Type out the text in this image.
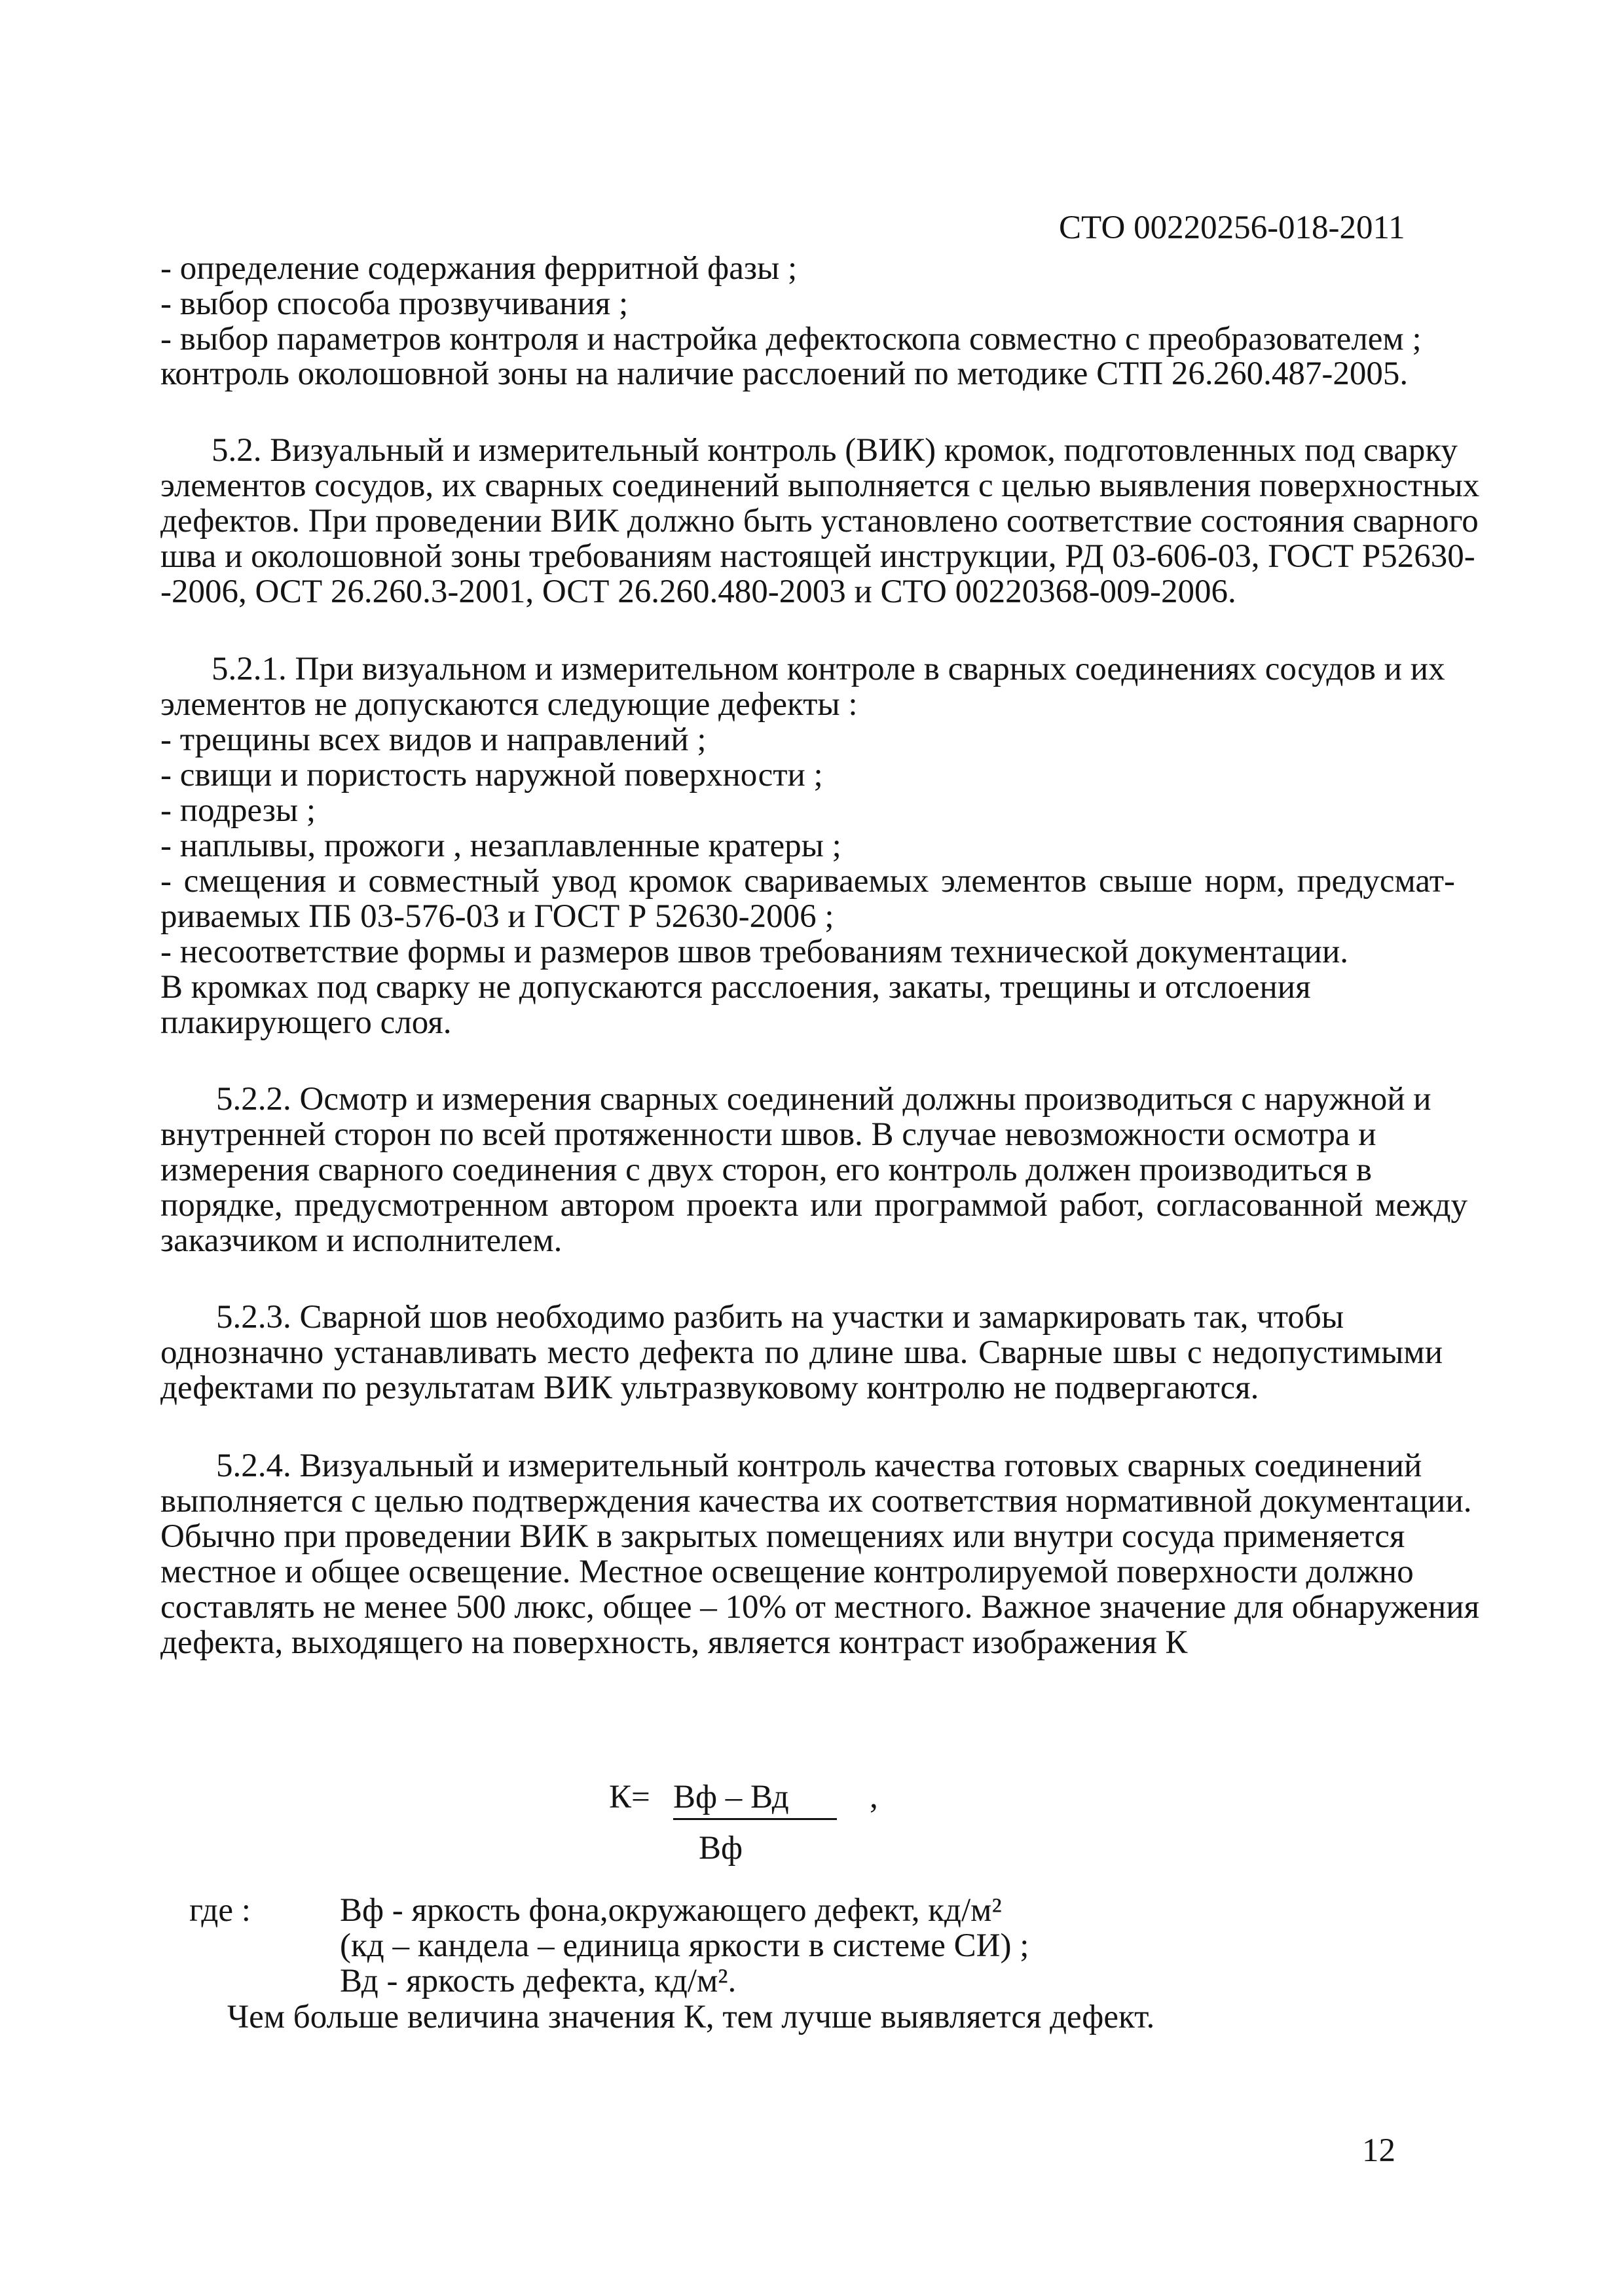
СТО 00220256-018-2011
- определение содержания ферритной фазы ;
- выбор способа прозвучивания ;
- выбор параметров контроля и настройка дефектоскопа совместно с преобразователем ;
контроль околошовной зоны на наличие расслоений по методике СТП 26.260.487-2005.
5.2. Визуальный и измерительный контроль (ВИК) кромок, подготовленных под сварку
элементов сосудов, их сварных соединений выполняется с целью выявления поверхностных
дефектов. При проведении ВИК должно быть установлено соответствие состояния сварного
шва и околошовной зоны требованиям настоящей инструкции, РД 03-606-03, ГОСТ Р52630-
-2006, ОСТ 26.260.3-2001, ОСТ 26.260.480-2003 и СТО 00220368-009-2006.
5.2.1. При визуальном и измерительном контроле в сварных соединениях сосудов и их
элементов не допускаются следующие дефекты :
- трещины всех видов и направлений ;
- свищи и пористость наружной поверхности ;
- подрезы ;
- наплывы, прожоги , незаплавленные кратеры ;
- смещения и совместный увод кромок свариваемых элементов свыше норм, предусмат-
риваемых ПБ 03-576-03 и ГОСТ Р 52630-2006 ;
- несоответствие формы и размеров швов требованиям технической документации.
В кромках под сварку не допускаются расслоения, закаты, трещины и отслоения
плакирующего слоя.
5.2.2. Осмотр и измерения сварных соединений должны производиться с наружной и
внутренней сторон по всей протяженности швов. В случае невозможности осмотра и
измерения сварного соединения с двух сторон, его контроль должен производиться в
порядке, предусмотренном автором проекта или программой работ, согласованной между
заказчиком и исполнителем.
5.2.3. Сварной шов необходимо разбить на участки и замаркировать так, чтобы
однозначно устанавливать место дефекта по длине шва. Сварные швы с недопустимыми
дефектами по результатам ВИК ультразвуковому контролю не подвергаются.
5.2.4. Визуальный и измерительный контроль качества готовых сварных соединений
выполняется с целью подтверждения качества их соответствия нормативной документации.
Обычно при проведении ВИК в закрытых помещениях или внутри сосуда применяется
местное и общее освещение. Местное освещение контролируемой поверхности должно
составлять не менее 500 люкс, общее – 10% от местного. Важное значение для обнаружения
дефекта, выходящего на поверхность, является контраст изображения К
К= Вф – Вд ,
Вф
где :	Вф - яркость фона,окружающего дефект, кд/м²
(кд – кандела – единица яркости в системе СИ) ;
Вд - яркость дефекта, кд/м².
Чем больше величина значения К, тем лучше выявляется дефект.
12
